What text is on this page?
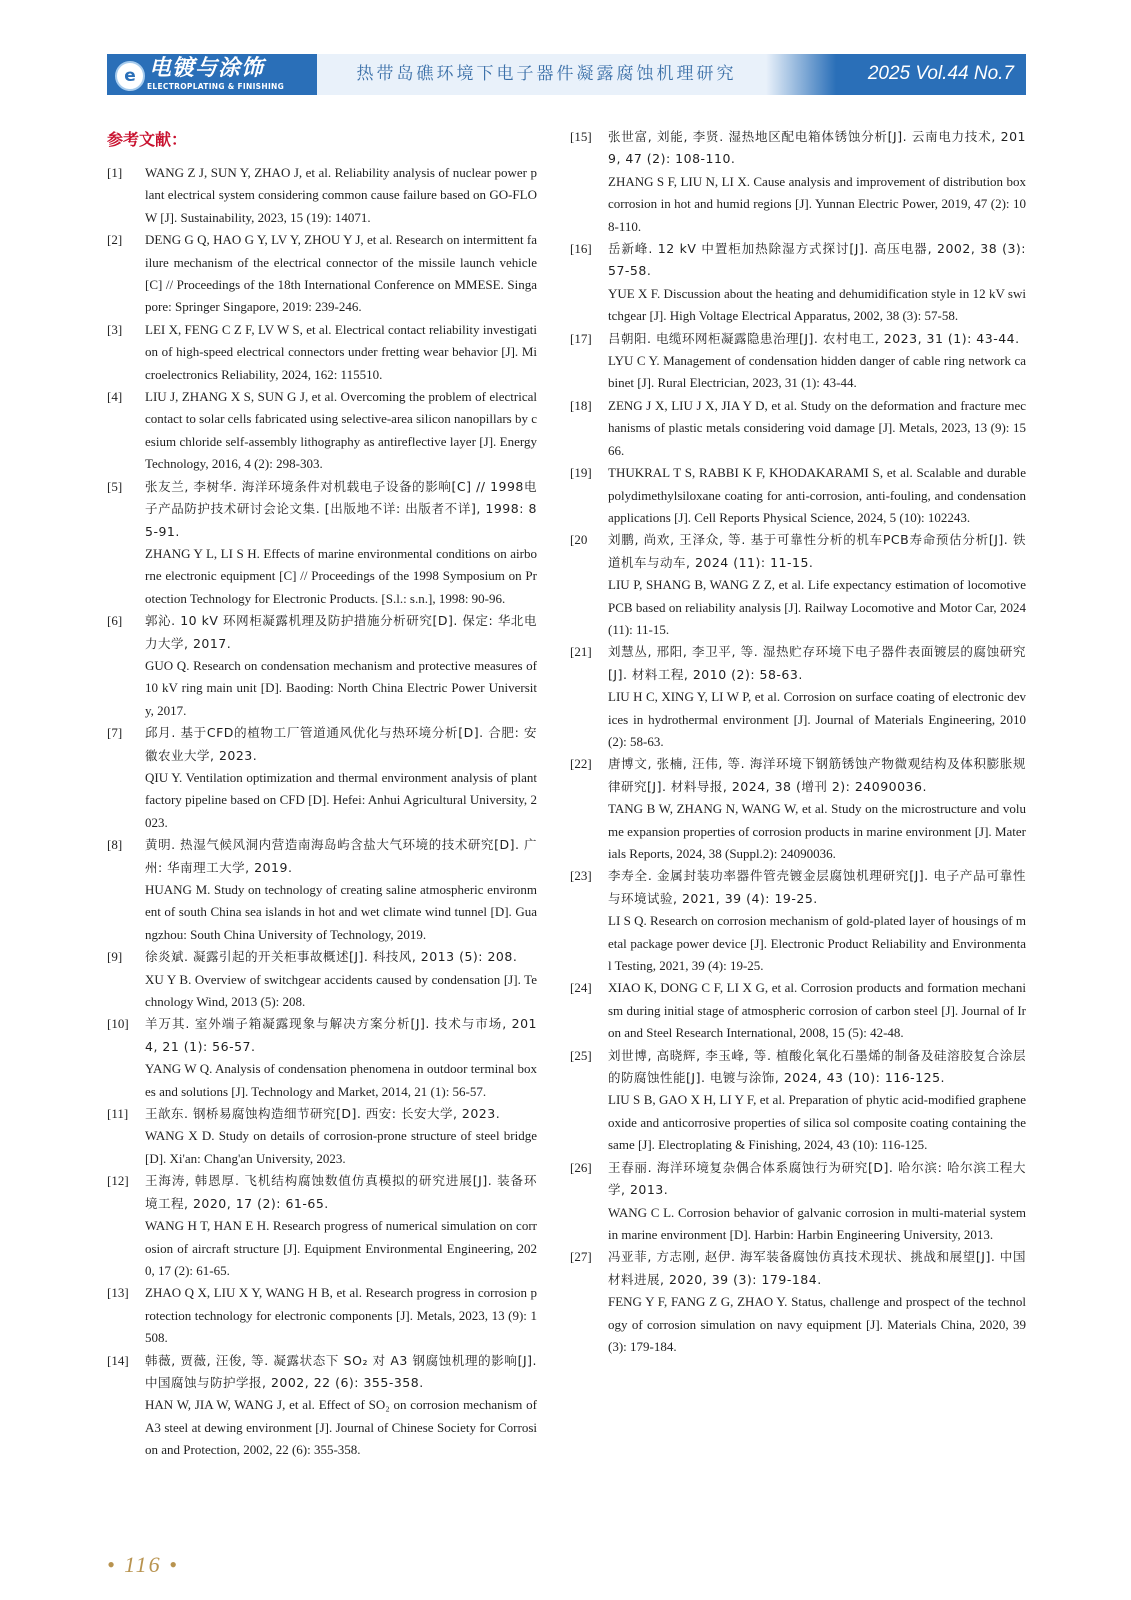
e 电镀与涂饰
ELECTROPLATING & FINISHING
热带岛礁环境下电子器件凝露腐蚀机理研究	2025 Vol.44 No.7
参考文献：
[1]	WANG Z J, SUN Y, ZHAO J, et al. Reliability analysis of nuclear power plant electrical system considering common cause failure based on GO-FLOW [J]. Sustainability, 2023, 15 (19): 14071.

[2]	DENG G Q, HAO G Y, LV Y, ZHOU Y J, et al. Research on intermittent failure mechanism of the electrical connector of the missile launch vehicle [C] // Proceedings of the 18th International Conference on MMESE. Singapore: Springer Singapore, 2019: 239-246.

[3]	LEI X, FENG C Z F, LV W S, et al. Electrical contact reliability investigation of high-speed electrical connectors under fretting wear behavior [J]. Microelectronics Reliability, 2024, 162: 115510.

[4]	LIU J, ZHANG X S, SUN G J, et al. Overcoming the problem of electrical contact to solar cells fabricated using selective-area silicon nanopillars by cesium chloride self-assembly lithography as antireflective layer [J]. Energy Technology, 2016, 4 (2): 298-303.

[5]	张友兰, 李树华. 海洋环境条件对机载电子设备的影响[C] // 1998电子产品防护技术研讨会论文集. [出版地不详: 出版者不详], 1998: 85-91.

ZHANG Y L, LI S H. Effects of marine environmental conditions on airborne electronic equipment [C] // Proceedings of the 1998 Symposium on Protection Technology for Electronic Products. [S.l.: s.n.], 1998: 90-96.

[6]	郭沁. 10 kV 环网柜凝露机理及防护措施分析研究[D]. 保定: 华北电力大学, 2017.

GUO Q. Research on condensation mechanism and protective measures of 10 kV ring main unit [D]. Baoding: North China Electric Power University, 2017.

[7]	邱月. 基于CFD的植物工厂管道通风优化与热环境分析[D]. 合肥: 安徽农业大学, 2023.

QIU Y. Ventilation optimization and thermal environment analysis of plant factory pipeline based on CFD [D]. Hefei: Anhui Agricultural University, 2023.

[8]	黄明. 热湿气候风洞内营造南海岛屿含盐大气环境的技术研究[D]. 广州: 华南理工大学, 2019.

HUANG M. Study on technology of creating saline atmospheric environment of south China sea islands in hot and wet climate wind tunnel [D]. Guangzhou: South China University of Technology, 2019.

[9]	徐炎斌. 凝露引起的开关柜事故概述[J]. 科技风, 2013 (5): 208.

XU Y B. Overview of switchgear accidents caused by condensation [J]. Technology Wind, 2013 (5): 208.

[10]	羊万其. 室外端子箱凝露现象与解决方案分析[J]. 技术与市场, 2014, 21 (1): 56-57.

YANG W Q. Analysis of condensation phenomena in outdoor terminal boxes and solutions [J]. Technology and Market, 2014, 21 (1): 56-57.

[11]	王歆东. 钢桥易腐蚀构造细节研究[D]. 西安: 长安大学, 2023.

WANG X D. Study on details of corrosion-prone structure of steel bridge [D]. Xi'an: Chang'an University, 2023.

[12]	王海涛, 韩恩厚. 飞机结构腐蚀数值仿真模拟的研究进展[J]. 装备环境工程, 2020, 17 (2): 61-65.

WANG H T, HAN E H. Research progress of numerical simulation on corrosion of aircraft structure [J]. Equipment Environmental Engineering, 2020, 17 (2): 61-65.

[13]	ZHAO Q X, LIU X Y, WANG H B, et al. Research progress in corrosion protection technology for electronic components [J]. Metals, 2023, 13 (9): 1508.

[14]	韩薇, 贾薇, 汪俊, 等. 凝露状态下 SO₂ 对 A3 钢腐蚀机理的影响[J]. 中国腐蚀与防护学报, 2002, 22 (6): 355-358.

HAN W, JIA W, WANG J, et al. Effect of SO₂ on corrosion mechanism of A3 steel at dewing environment [J]. Journal of Chinese Society for Corrosion and Protection, 2002, 22 (6): 355-358.

[15]	张世富, 刘能, 李贤. 湿热地区配电箱体锈蚀分析[J]. 云南电力技术, 2019, 47 (2): 108-110.

ZHANG S F, LIU N, LI X. Cause analysis and improvement of distribution box corrosion in hot and humid regions [J]. Yunnan Electric Power, 2019, 47 (2): 108-110.

[16]	岳新峰. 12 kV 中置柜加热除湿方式探讨[J]. 高压电器, 2002, 38 (3): 57-58.

YUE X F. Discussion about the heating and dehumidification style in 12 kV switchgear [J]. High Voltage Electrical Apparatus, 2002, 38 (3): 57-58.

[17]	吕朝阳. 电缆环网柜凝露隐患治理[J]. 农村电工, 2023, 31 (1): 43-44.

LYU C Y. Management of condensation hidden danger of cable ring network cabinet [J]. Rural Electrician, 2023, 31 (1): 43-44.

[18]	ZENG J X, LIU J X, JIA Y D, et al. Study on the deformation and fracture mechanisms of plastic metals considering void damage [J]. Metals, 2023, 13 (9): 1566.

[19]	THUKRAL T S, RABBI K F, KHODAKARAMI S, et al. Scalable and durable polydimethylsiloxane coating for anti-corrosion, anti-fouling, and condensation applications [J]. Cell Reports Physical Science, 2024, 5 (10): 102243.

[20	刘鹏, 尚欢, 王泽众, 等. 基于可靠性分析的机车PCB寿命预估分析[J]. 铁道机车与动车, 2024 (11): 11-15.

LIU P, SHANG B, WANG Z Z, et al. Life expectancy estimation of locomotive PCB based on reliability analysis [J]. Railway Locomotive and Motor Car, 2024 (11): 11-15.

[21]	刘慧丛, 邢阳, 李卫平, 等. 湿热贮存环境下电子器件表面镀层的腐蚀研究[J]. 材料工程, 2010 (2): 58-63.

LIU H C, XING Y, LI W P, et al. Corrosion on surface coating of electronic devices in hydrothermal environment [J]. Journal of Materials Engineering, 2010 (2): 58-63.

[22]	唐博文, 张楠, 汪伟, 等. 海洋环境下钢筋锈蚀产物微观结构及体积膨胀规律研究[J]. 材料导报, 2024, 38 (增刊 2): 24090036.

TANG B W, ZHANG N, WANG W, et al. Study on the microstructure and volume expansion properties of corrosion products in marine environment [J]. Materials Reports, 2024, 38 (Suppl.2): 24090036.

[23]	李寿全. 金属封装功率器件管壳镀金层腐蚀机理研究[J]. 电子产品可靠性与环境试验, 2021, 39 (4): 19-25.

LI S Q. Research on corrosion mechanism of gold-plated layer of housings of metal package power device [J]. Electronic Product Reliability and Environmental Testing, 2021, 39 (4): 19-25.

[24]	XIAO K, DONG C F, LI X G, et al. Corrosion products and formation mechanism during initial stage of atmospheric corrosion of carbon steel [J]. Journal of Iron and Steel Research International, 2008, 15 (5): 42-48.

[25]	刘世博, 高晓辉, 李玉峰, 等. 植酸化氧化石墨烯的制备及硅溶胶复合涂层的防腐蚀性能[J]. 电镀与涂饰, 2024, 43 (10): 116-125.

LIU S B, GAO X H, LI Y F, et al. Preparation of phytic acid-modified graphene oxide and anticorrosive properties of silica sol composite coating containing the same [J]. Electroplating & Finishing, 2024, 43 (10): 116-125.

[26]	王春丽. 海洋环境复杂偶合体系腐蚀行为研究[D]. 哈尔滨: 哈尔滨工程大学, 2013.

WANG C L. Corrosion behavior of galvanic corrosion in multi-material system in marine environment [D]. Harbin: Harbin Engineering University, 2013.

[27]	冯亚菲, 方志刚, 赵伊. 海军装备腐蚀仿真技术现状、挑战和展望[J]. 中国材料进展, 2020, 39 (3): 179-184.

FENG Y F, FANG Z G, ZHAO Y. Status, challenge and prospect of the technology of corrosion simulation on navy equipment [J]. Materials China, 2020, 39 (3): 179-184.

• 116 •
